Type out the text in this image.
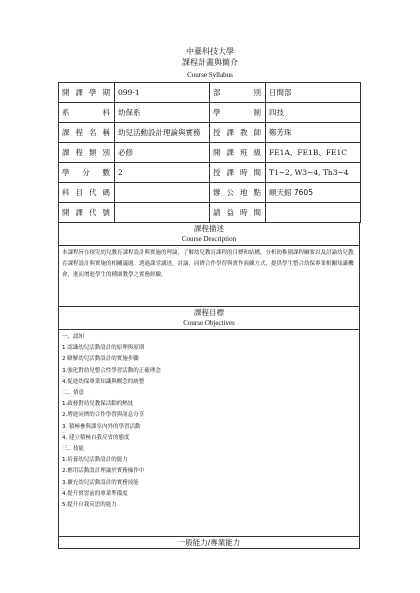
中臺科技大學
課程計畫與簡介
Course Syllabus
開課學期	099-1	部別	日間部
系科	幼保系	學制	四技
課程名稱	幼兒活動設計理論與實務	授課教師	鄭芳珠
課程類別	必修	開課班級	FE1A、FE1B、FE1C
學分數	2	授課時間	T1~2, W3~4, Th3~4
科目代碼		辦公地點	順天館 7605
開課代號		請益時間	
課程描述
Course Description

本課程旨在探究幼兒教育課程設計與實施的理論，了解幼兒教育課程的目標和結構，分析幼稚園課程綱要以及討論幼兒教育課程設計與實施的相關議題。透過課堂講述，討論，同儕合作學習與實作演練方式，提供學生整合幼保專業相關知識機會，進而增進學生的種園教學之實務經驗。

課程目標
Course Objectives

一、認知

1 認識幼兒活動設計的原理與原則

2 瞭解幼兒活動設計的實施步驟

3.強化對幼兒整合性學習活動的正確理念

4.促進幼保專業知識與概念的統整

二、情意

1.啟發對幼兒教保活動的熱忱

2.增進同儕的合作學習與訊息分享

3. 積極參與課室內外的學習活動

4. 建立積極自我反省的態度

三、技能

1.培養幼兒活動設計的能力

2.應用活動設計理論於實務操作中

3.擴充幼兒活動設計的實務技能

4.提升實習前的專業準備度

5.提升自我反思的能力

一般能力/專業能力
